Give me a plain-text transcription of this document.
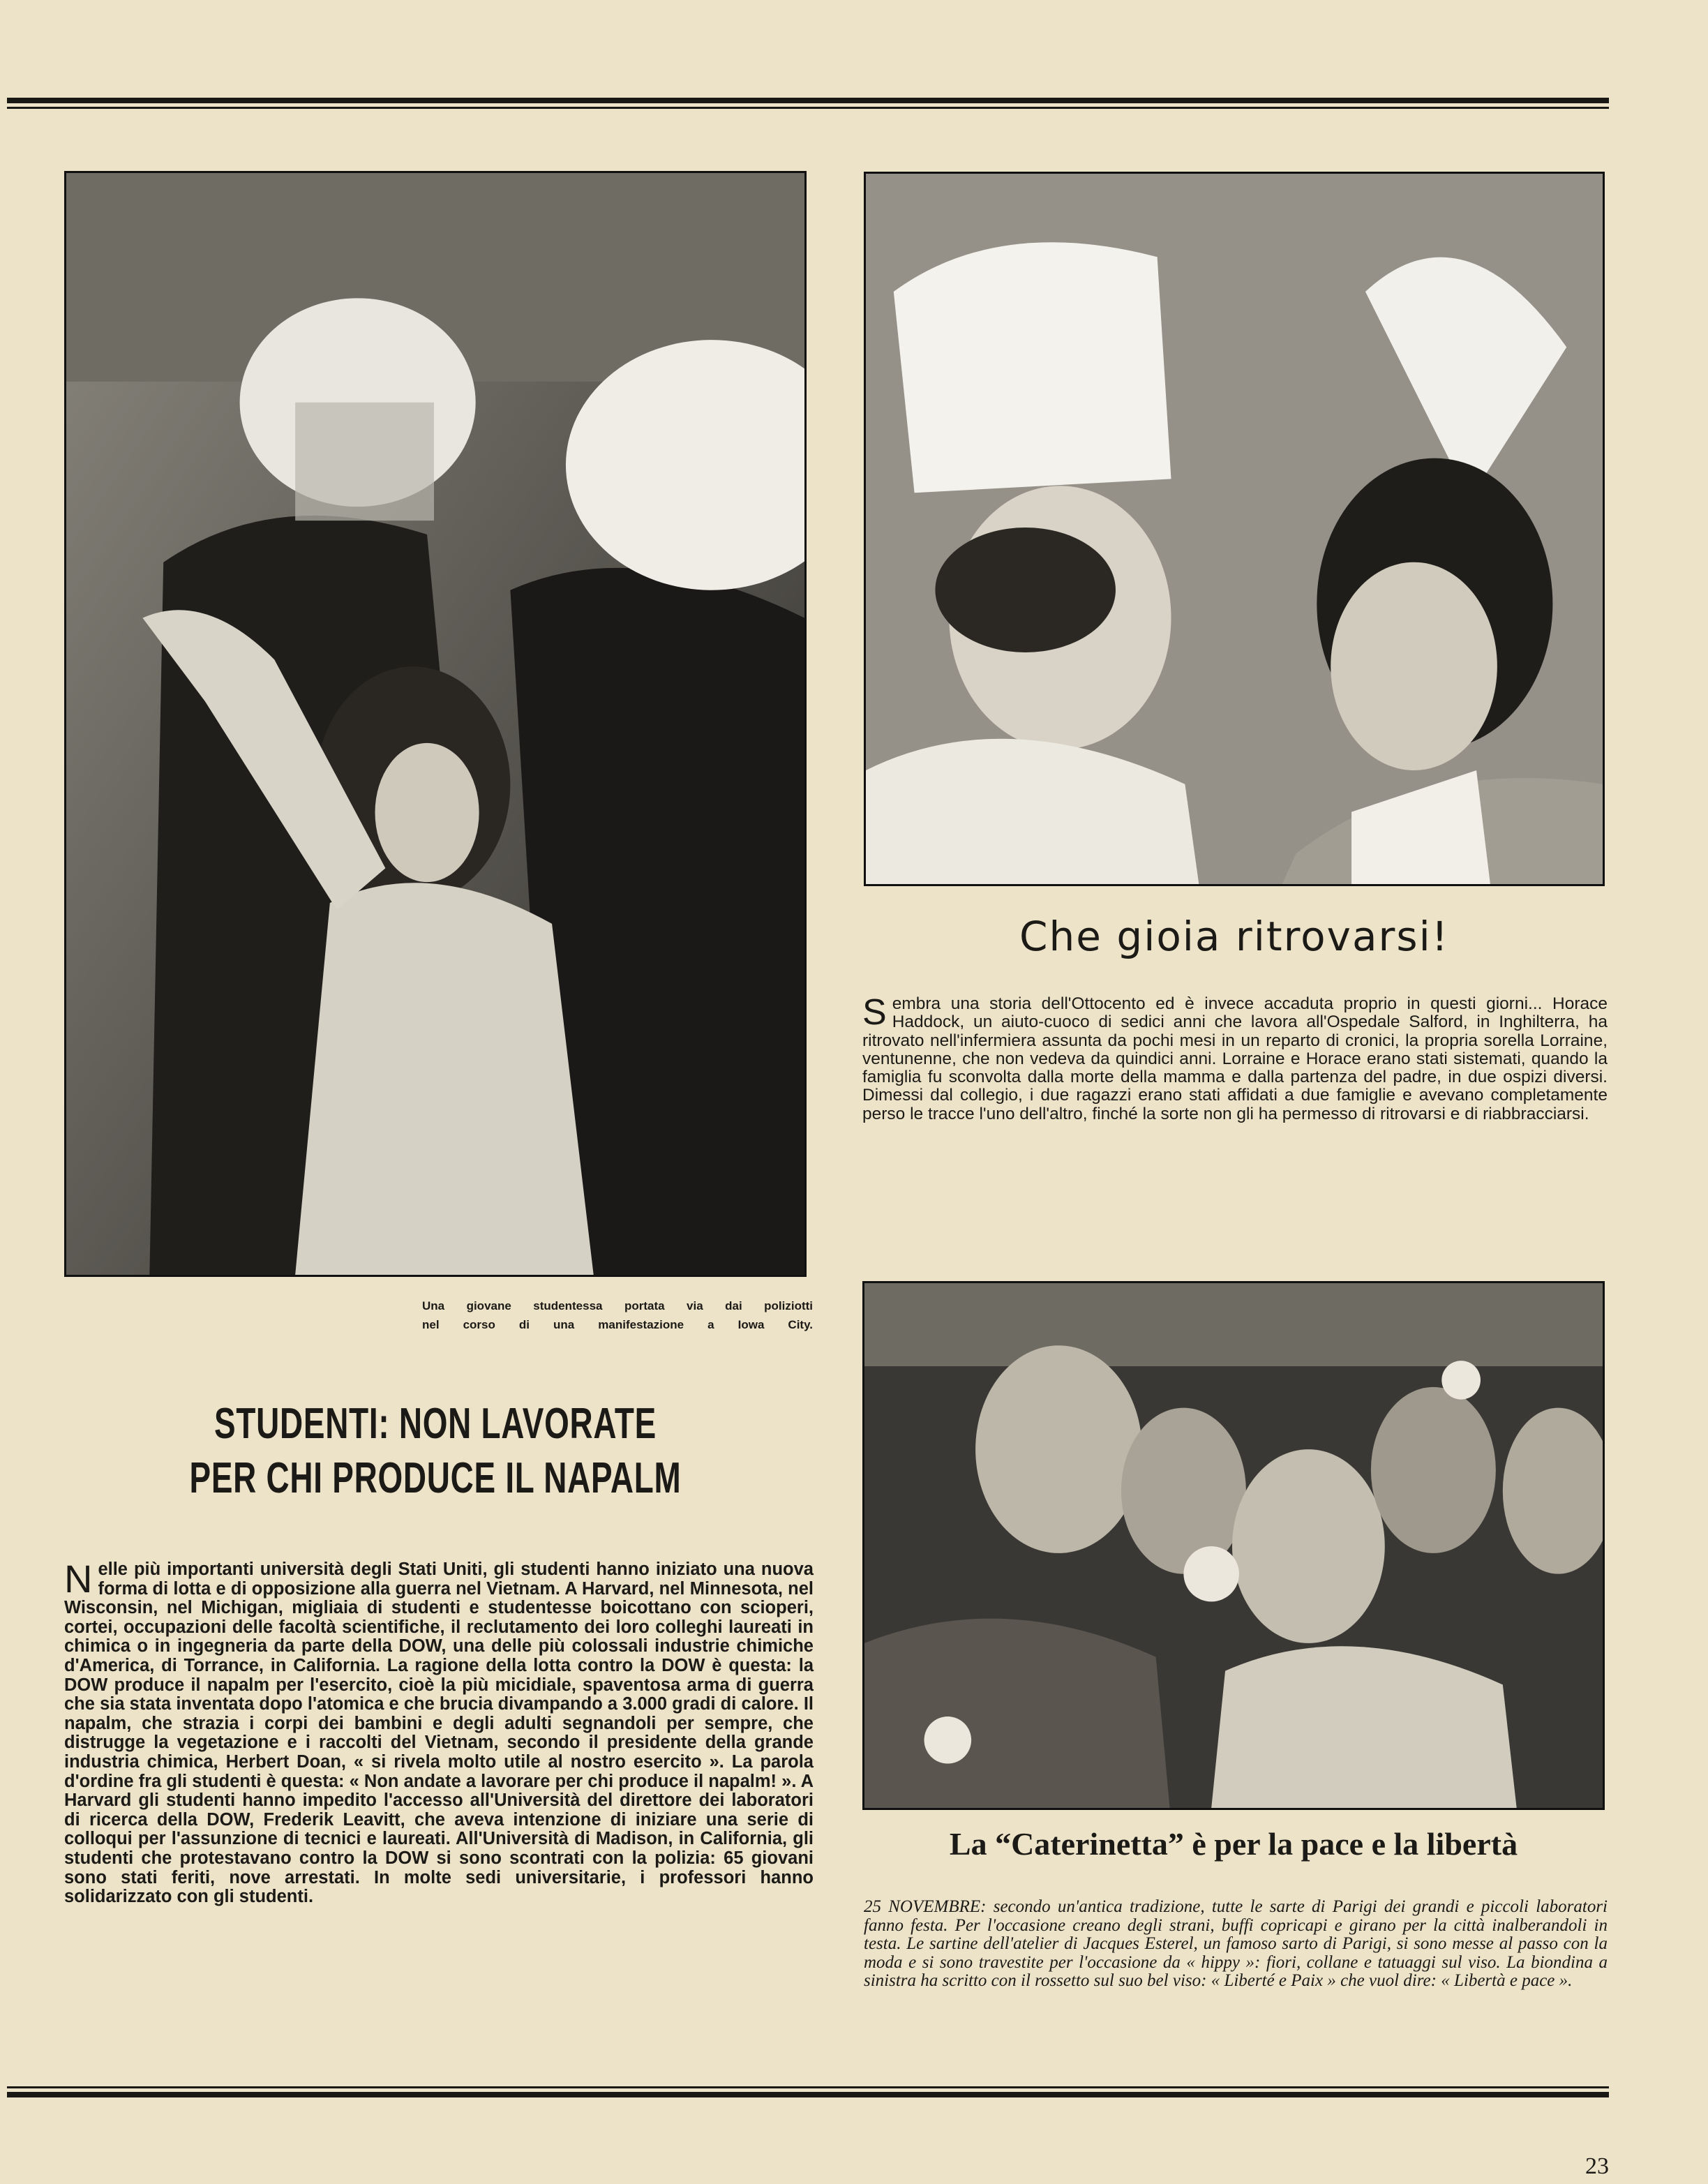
Una giovane studentessa portata via dai poliziotti
nel corso di una manifestazione a Iowa City.
STUDENTI: NON LAVORATE
PER CHI PRODUCE IL NAPALM
N elle più importanti università degli Stati Uniti, gli studenti hanno iniziato una nuova forma di lotta e di opposizione alla guerra nel Vietnam. A Harvard, nel Minnesota, nel Wisconsin, nel Michigan, migliaia di studenti e studentesse boicottano con scioperi, cortei, occupazioni delle facoltà scientifiche, il reclutamento dei loro colleghi laureati in chimica o in ingegneria da parte della DOW, una delle più colossali industrie chimiche d'America, di Torrance, in California. La ragione della lotta contro la DOW è questa: la DOW produce il napalm per l'esercito, cioè la più micidiale, spaventosa arma di guerra che sia stata inventata dopo l'atomica e che brucia divampando a 3.000 gradi di calore. Il napalm, che strazia i corpi dei bambini e degli adulti segnandoli per sempre, che distrugge la vegetazione e i raccolti del Vietnam, secondo il presidente della grande industria chimica, Herbert Doan, « si rivela molto utile al nostro esercito ». La parola d'ordine fra gli studenti è questa: « Non andate a lavorare per chi produce il napalm! ». A Harvard gli studenti hanno impedito l'accesso all'Università del direttore dei laboratori di ricerca della DOW, Frederik Leavitt, che aveva intenzione di iniziare una serie di colloqui per l'assunzione di tecnici e laureati. All'Università di Madison, in California, gli studenti che protestavano contro la DOW si sono scontrati con la polizia: 65 giovani sono stati feriti, nove arrestati. In molte sedi universitarie, i professori hanno solidarizzato con gli studenti.
Che gioia ritrovarsi!
S embra una storia dell'Ottocento ed è invece accaduta proprio in questi giorni... Horace Haddock, un aiuto-cuoco di sedici anni che lavora all'Ospedale Salford, in Inghilterra, ha ritrovato nell'infermiera assunta da pochi mesi in un reparto di cronici, la propria sorella Lorraine, ventunenne, che non vedeva da quindici anni. Lorraine e Horace erano stati sistemati, quando la famiglia fu sconvolta dalla morte della mamma e dalla partenza del padre, in due ospizi diversi. Dimessi dal collegio, i due ragazzi erano stati affidati a due famiglie e avevano completamente perso le tracce l'uno dell'altro, finché la sorte non gli ha permesso di ritrovarsi e di riabbracciarsi.
La “Caterinetta” è per la pace e la libertà
25 NOVEMBRE: secondo un'antica tradizione, tutte le sarte di Parigi dei grandi e piccoli laboratori fanno festa. Per l'occasione creano degli strani, buffi copricapi e girano per la città inalberandoli in testa. Le sartine dell'atelier di Jacques Esterel, un famoso sarto di Parigi, si sono messe al passo con la moda e si sono travestite per l'occasione da « hippy »: fiori, collane e tatuaggi sul viso. La biondina a sinistra ha scritto con il rossetto sul suo bel viso: « Liberté e Paix » che vuol dire: « Libertà e pace ».
23
